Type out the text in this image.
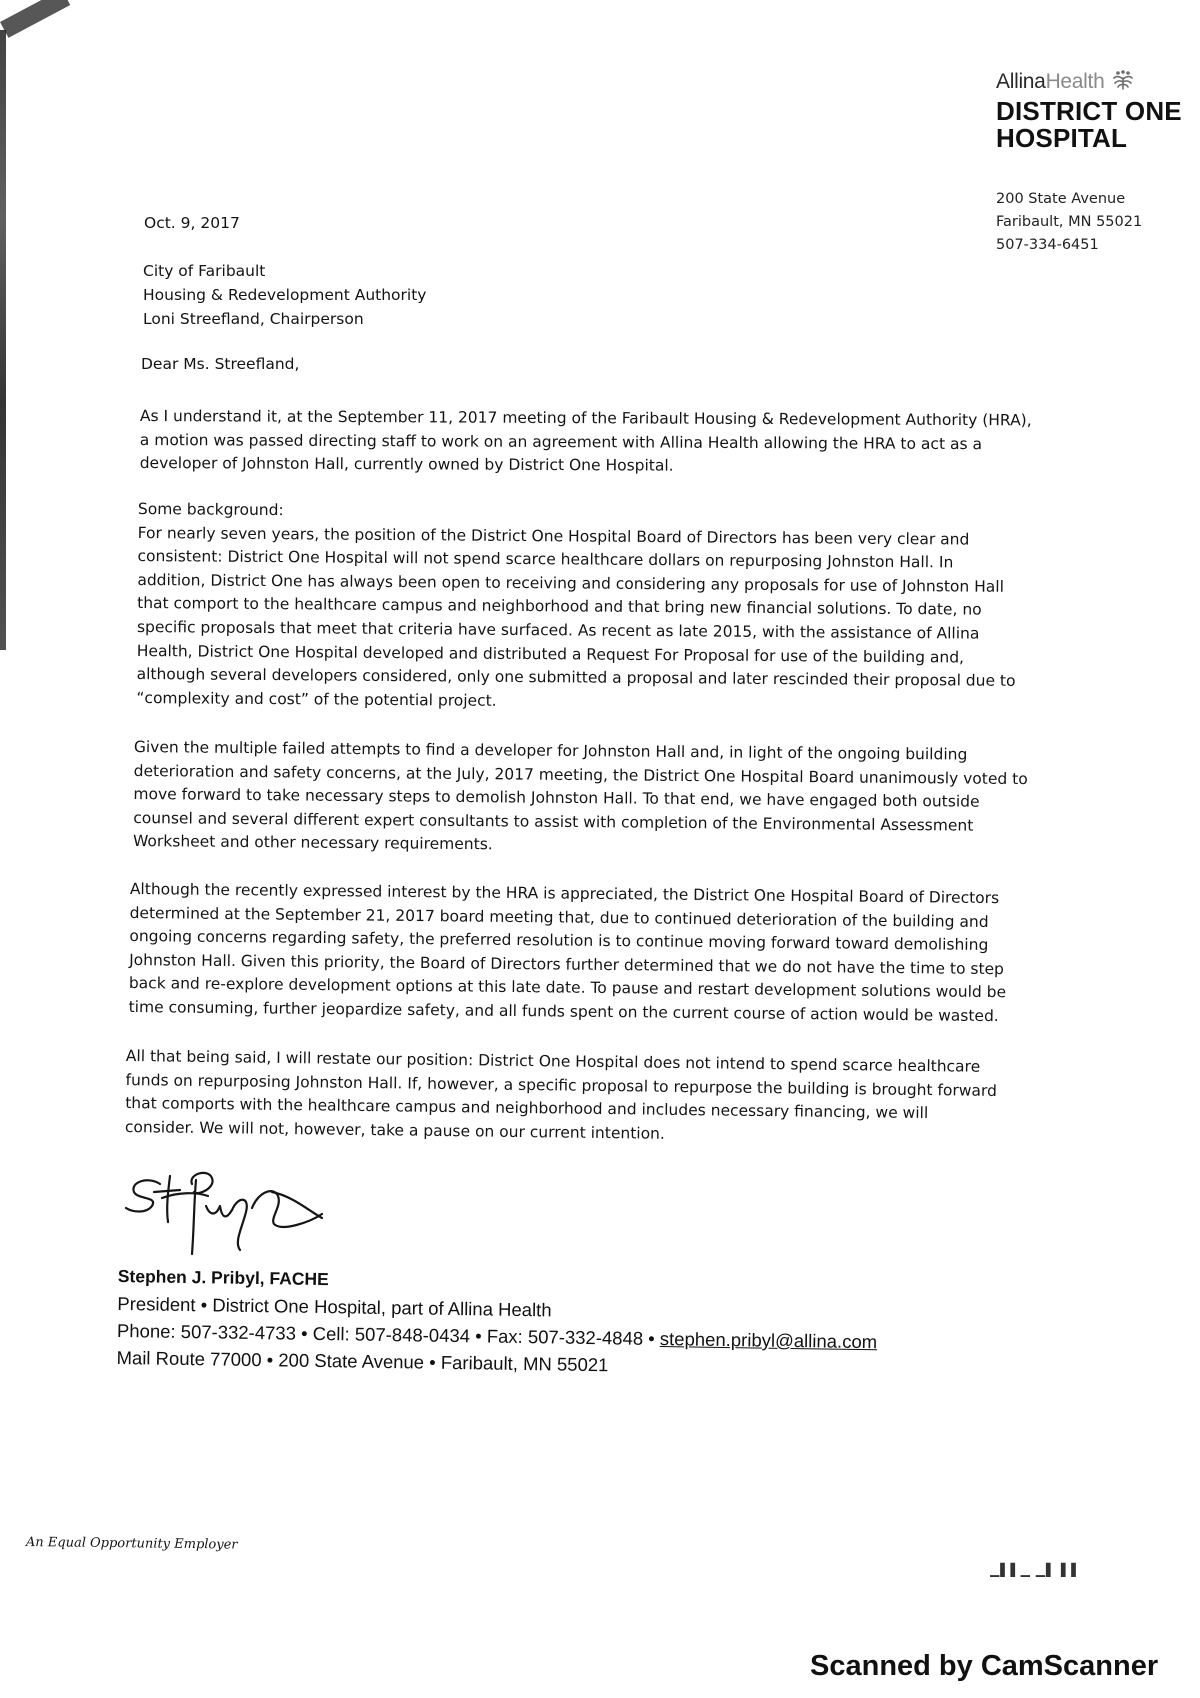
AllinaHealth
DISTRICT ONE
HOSPITAL
200 State Avenue
Faribault, MN 55021
507-334-6451
Oct. 9, 2017
City of Faribault
Housing & Redevelopment Authority
Loni Streefland, Chairperson
Dear Ms. Streefland,

As I understand it, at the September 11, 2017 meeting of the Faribault Housing & Redevelopment Authority (HRA),
a motion was passed directing staff to work on an agreement with Allina Health allowing the HRA to act as a
developer of Johnston Hall, currently owned by District One Hospital.

Some background:
For nearly seven years, the position of the District One Hospital Board of Directors has been very clear and
consistent: District One Hospital will not spend scarce healthcare dollars on repurposing Johnston Hall. In
addition, District One has always been open to receiving and considering any proposals for use of Johnston Hall
that comport to the healthcare campus and neighborhood and that bring new financial solutions. To date, no
specific proposals that meet that criteria have surfaced. As recent as late 2015, with the assistance of Allina
Health, District One Hospital developed and distributed a Request For Proposal for use of the building and,
although several developers considered, only one submitted a proposal and later rescinded their proposal due to
“complexity and cost” of the potential project.

Given the multiple failed attempts to find a developer for Johnston Hall and, in light of the ongoing building
deterioration and safety concerns, at the July, 2017 meeting, the District One Hospital Board unanimously voted to
move forward to take necessary steps to demolish Johnston Hall. To that end, we have engaged both outside
counsel and several different expert consultants to assist with completion of the Environmental Assessment
Worksheet and other necessary requirements.

Although the recently expressed interest by the HRA is appreciated, the District One Hospital Board of Directors
determined at the September 21, 2017 board meeting that, due to continued deterioration of the building and
ongoing concerns regarding safety, the preferred resolution is to continue moving forward toward demolishing
Johnston Hall. Given this priority, the Board of Directors further determined that we do not have the time to step
back and re-explore development options at this late date. To pause and restart development solutions would be
time consuming, further jeopardize safety, and all funds spent on the current course of action would be wasted.

All that being said, I will restate our position: District One Hospital does not intend to spend scarce healthcare
funds on repurposing Johnston Hall. If, however, a specific proposal to repurpose the building is brought forward
that comports with the healthcare campus and neighborhood and includes necessary financing, we will
consider. We will not, however, take a pause on our current intention.

Stephen J. Pribyl, FACHE
President • District One Hospital, part of Allina Health
Phone: 507-332-4733 • Cell: 507-848-0434 • Fax: 507-332-4848 • stephen.pribyl@allina.com
Mail Route 77000 • 200 State Avenue • Faribault, MN 55021
An Equal Opportunity Employer
▁▌▌▁ ▁▌ ▌▌
Scanned by CamScanner
